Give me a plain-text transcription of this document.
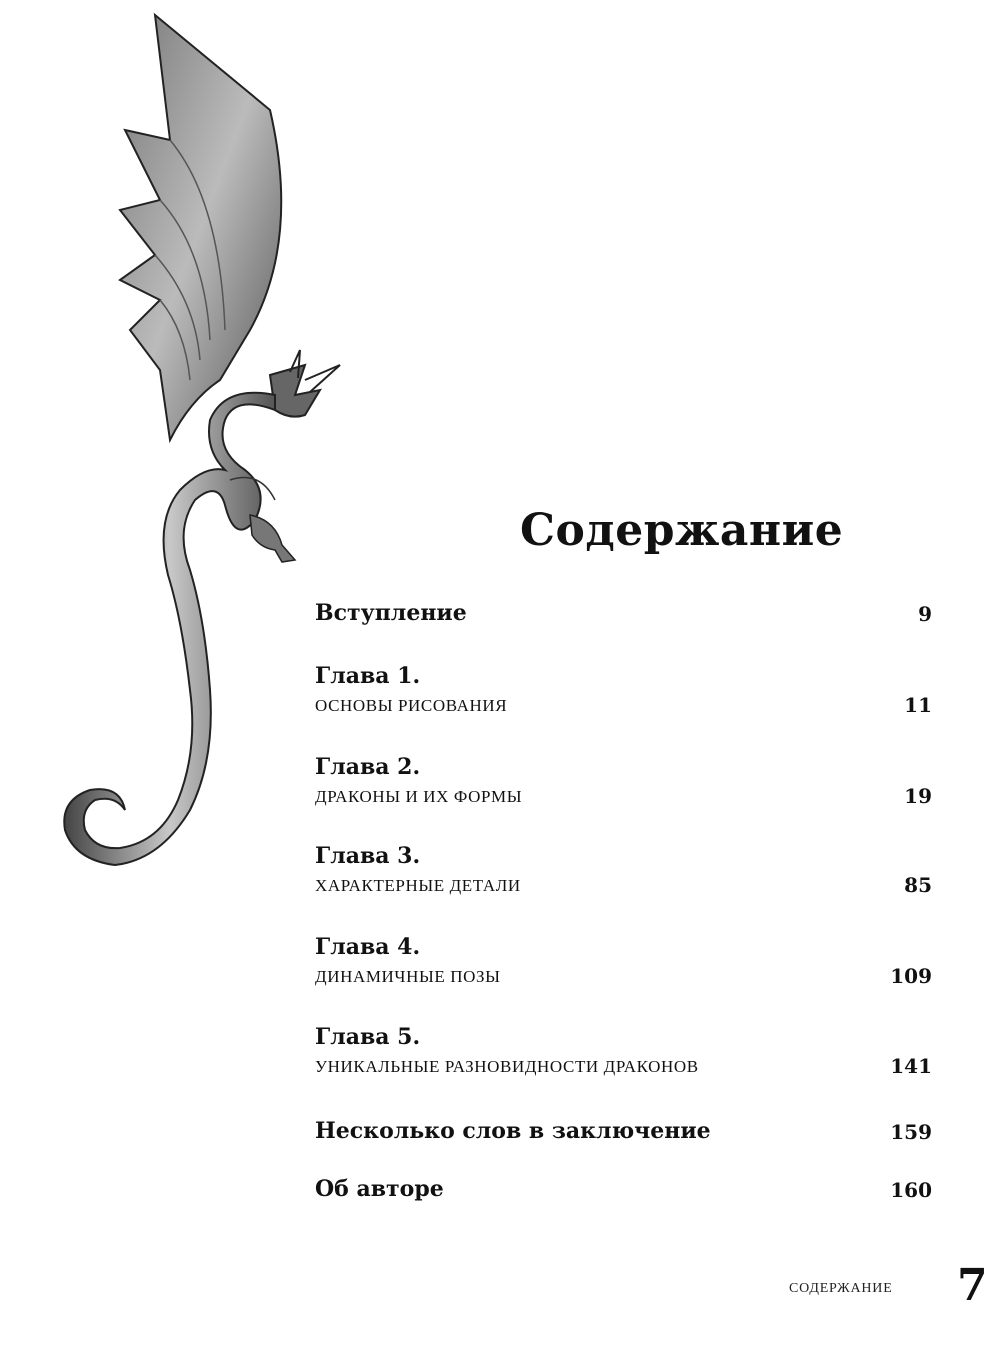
Содержание
Вступление	9
Глава 1.
ОСНОВЫ РИСОВАНИЯ	11
Глава 2.
ДРАКОНЫ И ИХ ФОРМЫ	19
Глава 3.
ХАРАКТЕРНЫЕ ДЕТАЛИ	85
Глава 4.
ДИНАМИЧНЫЕ ПОЗЫ	109
Глава 5.
УНИКАЛЬНЫЕ РАЗНОВИДНОСТИ ДРАКОНОВ	141
Несколько слов в заключение	159
Об авторе	160
СОДЕРЖАНИЕ 7
